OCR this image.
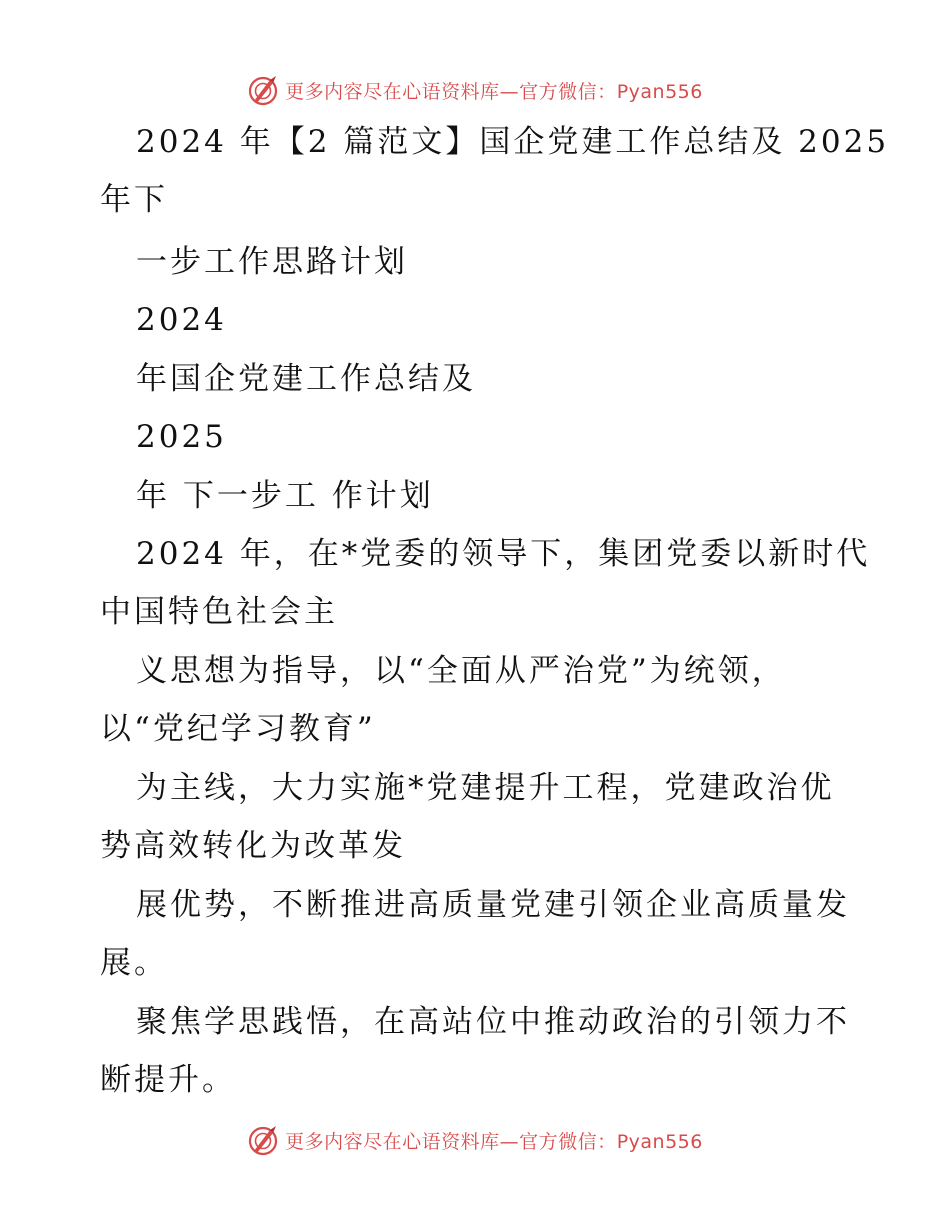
更多内容尽在心语资料库—官方微信：Pyan556
2024 年【2 篇范文】国企党建工作总结及 2025
年下
一步工作思路计划
2024
年国企党建工作总结及
2025
年 下一步工 作计划
2024 年，在*党委的领导下，集团党委以新时代
中国特色社会主
义思想为指导，以“全面从严治党”为统领，
以“党纪学习教育”
为主线，大力实施*党建提升工程，党建政治优
势高效转化为改革发
展优势，不断推进高质量党建引领企业高质量发
展。
聚焦学思践悟，在高站位中推动政治的引领力不
断提升。
更多内容尽在心语资料库—官方微信：Pyan556
